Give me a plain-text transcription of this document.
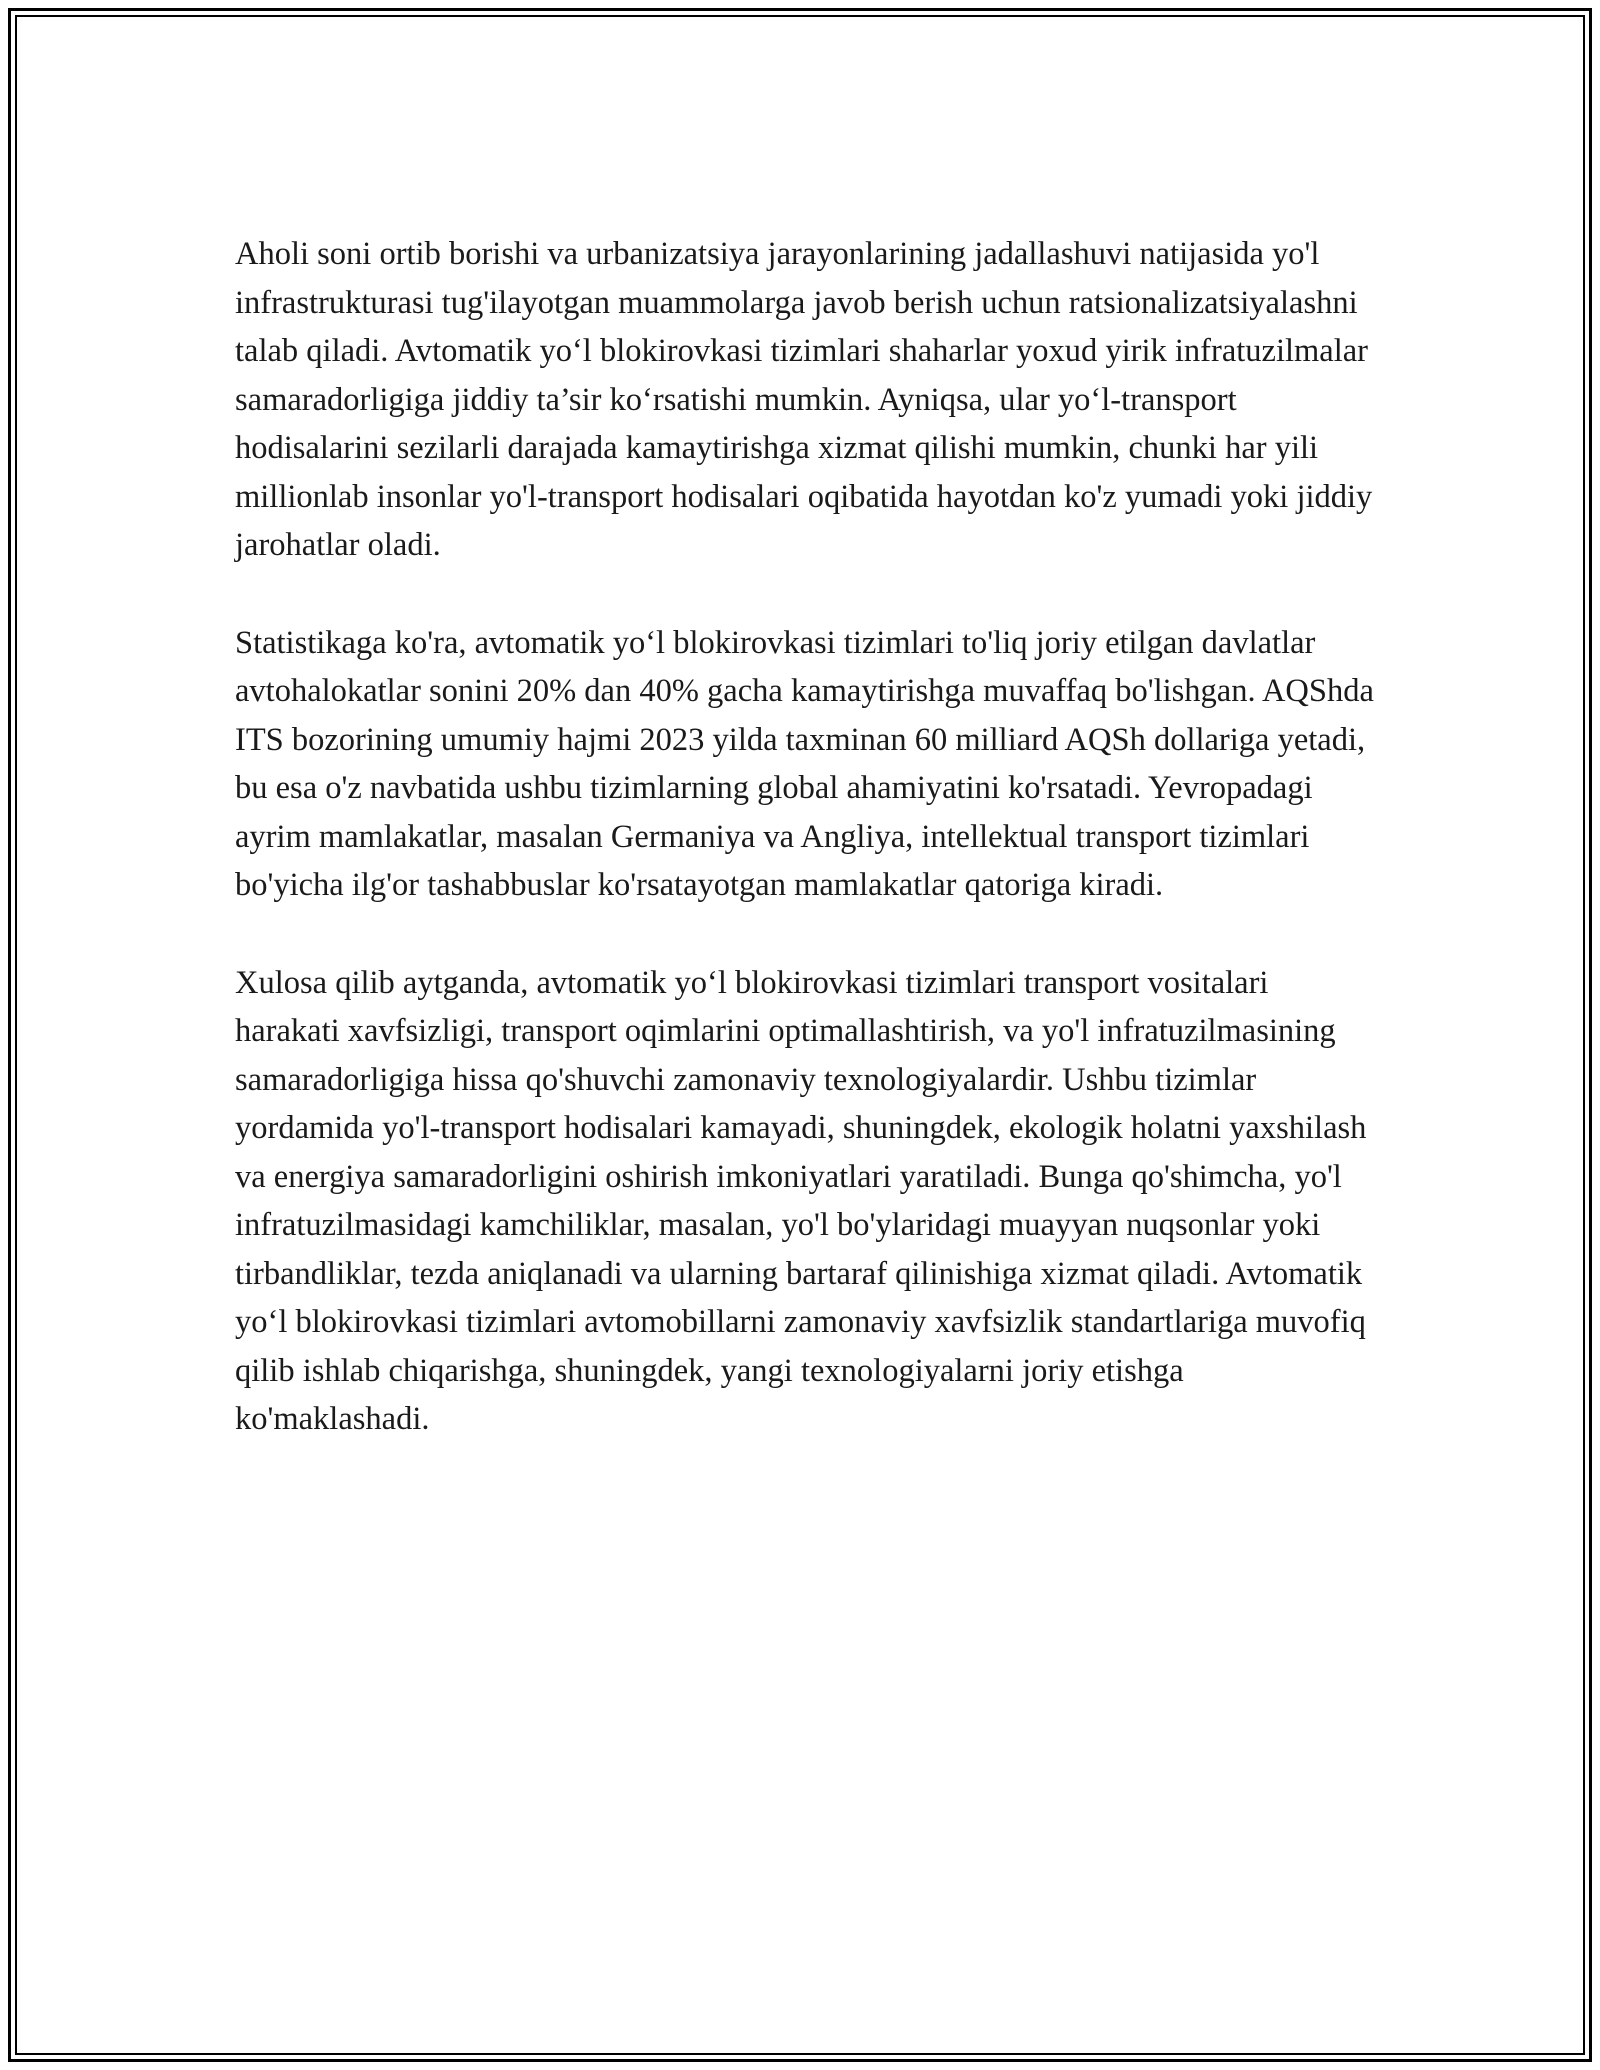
Aholi soni ortib borishi va urbanizatsiya jarayonlarining jadallashuvi natijasida yo'l infrastrukturasi tug'ilayotgan muammolarga javob berish uchun ratsionalizatsiyalashni talab qiladi. Avtomatik yo‘l blokirovkasi tizimlari shaharlar yoxud yirik infratuzilmalar samaradorligiga jiddiy ta’sir ko‘rsatishi mumkin. Ayniqsa, ular yo‘l-transport hodisalarini sezilarli darajada kamaytirishga xizmat qilishi mumkin, chunki har yili millionlab insonlar yo'l-transport hodisalari oqibatida hayotdan ko'z yumadi yoki jiddiy jarohatlar oladi.

Statistikaga ko'ra, avtomatik yo‘l blokirovkasi tizimlari to'liq joriy etilgan davlatlar avtohalokatlar sonini 20% dan 40% gacha kamaytirishga muvaffaq bo'lishgan. AQShda ITS bozorining umumiy hajmi 2023 yilda taxminan 60 milliard AQSh dollariga yetadi, bu esa o'z navbatida ushbu tizimlarning global ahamiyatini ko'rsatadi. Yevropadagi ayrim mamlakatlar, masalan Germaniya va Angliya, intellektual transport tizimlari bo'yicha ilg'or tashabbuslar ko'rsatayotgan mamlakatlar qatoriga kiradi.

Xulosa qilib aytganda, avtomatik yo‘l blokirovkasi tizimlari transport vositalari harakati xavfsizligi, transport oqimlarini optimallashtirish, va yo'l infratuzilmasining samaradorligiga hissa qo'shuvchi zamonaviy texnologiyalardir. Ushbu tizimlar yordamida yo'l-transport hodisalari kamayadi, shuningdek, ekologik holatni yaxshilash va energiya samaradorligini oshirish imkoniyatlari yaratiladi. Bunga qo'shimcha, yo'l infratuzilmasidagi kamchiliklar, masalan, yo'l bo'ylaridagi muayyan nuqsonlar yoki tirbandliklar, tezda aniqlanadi va ularning bartaraf qilinishiga xizmat qiladi. Avtomatik yo‘l blokirovkasi tizimlari avtomobillarni zamonaviy xavfsizlik standartlariga muvofiq qilib ishlab chiqarishga, shuningdek, yangi texnologiyalarni joriy etishga ko'maklashadi.
